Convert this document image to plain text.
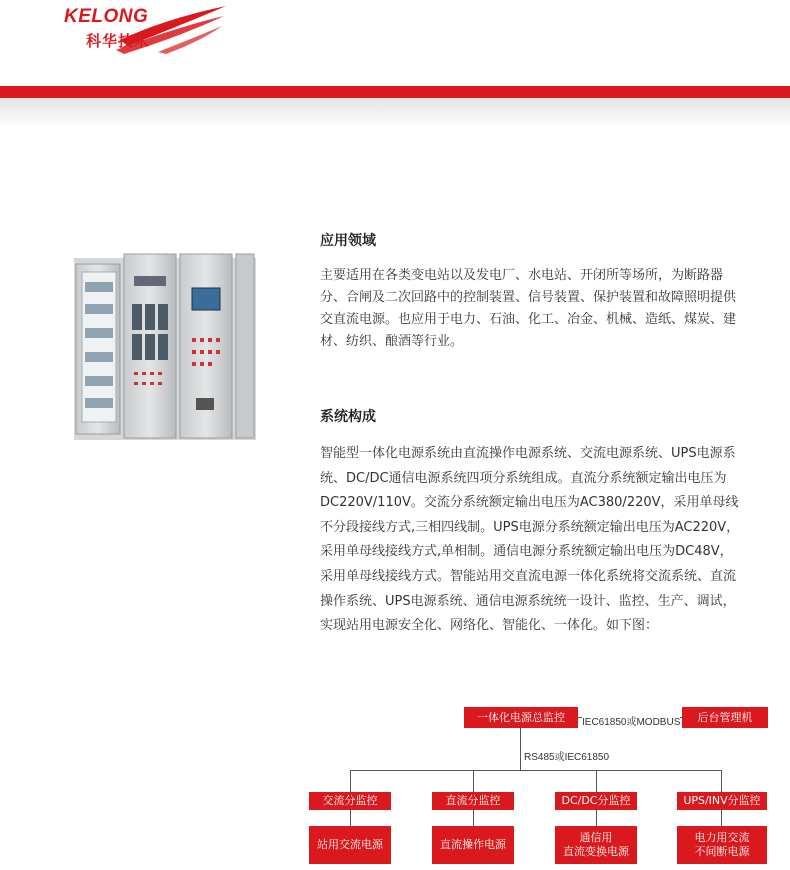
KELONG
科华技术
应用领域

主要适用在各类变电站以及发电厂、水电站、开闭所等场所，为断路器
分、合闸及二次回路中的控制装置、信号装置、保护装置和故障照明提供
交直流电源。也应用于电力、石油、化工、冶金、机械、造纸、煤炭、建
材、纺织、酿酒等行业。

系统构成

智能型一体化电源系统由直流操作电源系统、交流电源系统、UPS电源系
统、DC/DC通信电源系统四项分系统组成。直流分系统额定输出电压为
DC220V/110V。交流分系统额定输出电压为AC380/220V，采用单母线
不分段接线方式,三相四线制。UPS电源分系统额定输出电压为AC220V，
采用单母线接线方式,单相制。通信电源分系统额定输出电压为DC48V，
采用单母线接线方式。智能站用交直流电源一体化系统将交流系统、直流
操作系统、UPS电源系统、通信电源系统统一设计、监控、生产、调试，
实现站用电源安全化、网络化、智能化、一体化。如下图：

一体化电源总监控	后台管理机
IEC61850或MODBUS
RS485或IEC61850
交流分监控	直流分监控	DC/DC分监控	UPS/INV分监控
站用交流电源	直流操作电源
通信用
直流变换电源
电力用交流
不间断电源
